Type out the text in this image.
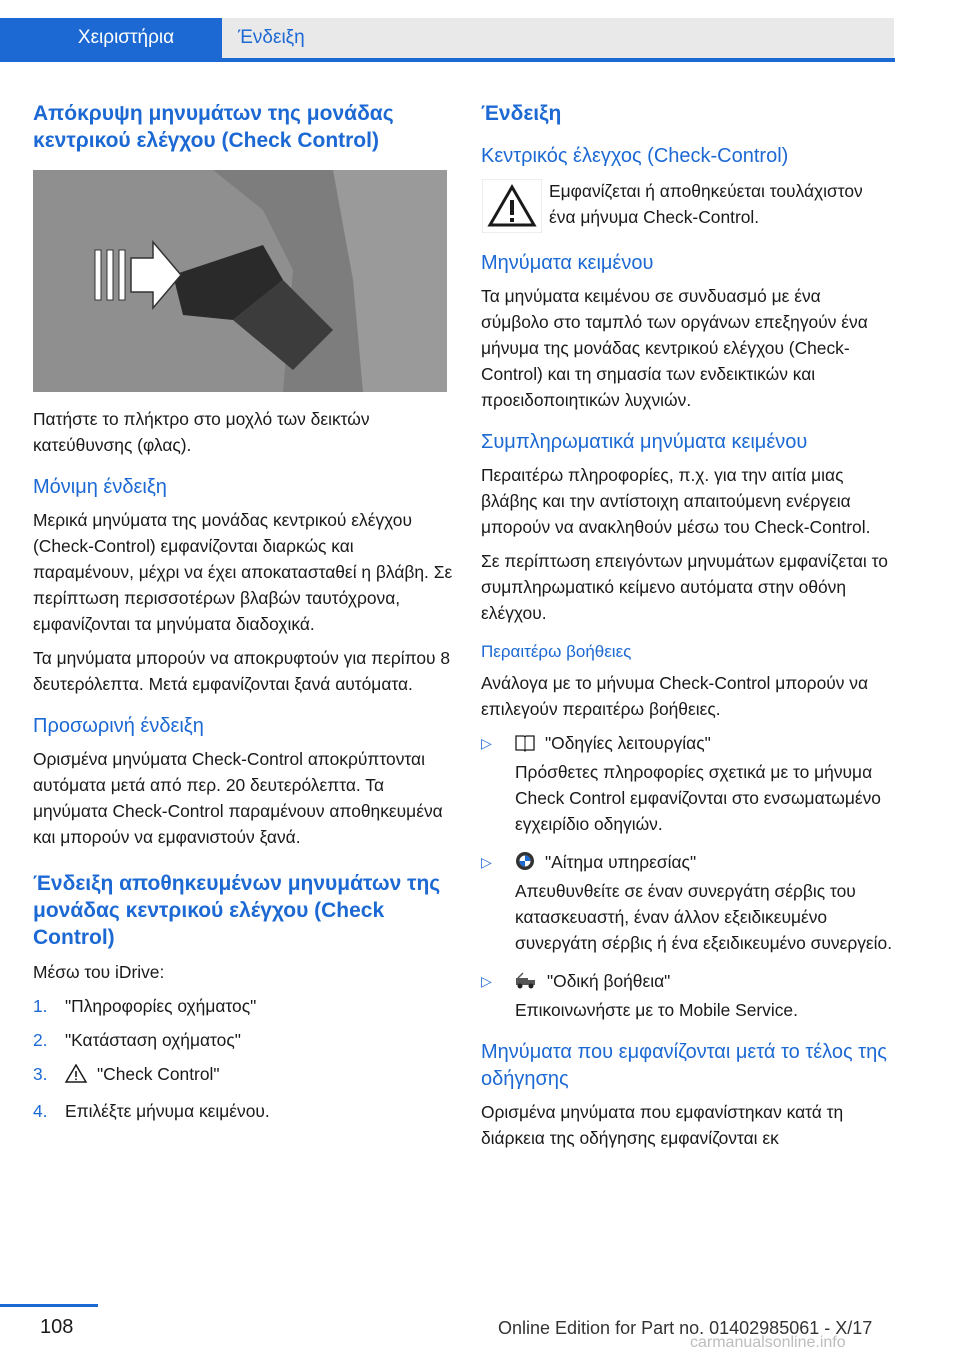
Χειριστήρια	Ένδειξη
Απόκρυψη μηνυμάτων της μονάδας κεντρικού ελέγχου (Check Control)
Πατήστε το πλήκτρο στο μοχλό των δεικτών κατεύθυνσης (φλας).
Μόνιμη ένδειξη
Μερικά μηνύματα της μονάδας κεντρικού ελέγχου (Check-Control) εμφανίζονται διαρκώς και παραμένουν, μέχρι να έχει αποκατασταθεί η βλάβη. Σε περίπτωση περισσοτέρων βλαβών ταυτόχρονα, εμφανίζονται τα μηνύματα διαδοχικά.
Τα μηνύματα μπορούν να αποκρυφτούν για περίπου 8 δευτερόλεπτα. Μετά εμφανίζονται ξανά αυτόματα.
Προσωρινή ένδειξη
Ορισμένα μηνύματα Check-Control αποκρύπτονται αυτόματα μετά από περ. 20 δευτερόλεπτα. Τα μηνύματα Check-Control παραμένουν αποθηκευμένα και μπορούν να εμφανιστούν ξανά.
Ένδειξη αποθηκευμένων μηνυμάτων της μονάδας κεντρικού ελέγχου (Check Control)
Μέσω του iDrive:
1. "Πληροφορίες οχήματος"
2. "Κατάσταση οχήματος"
3.	"Check Control"
4. Επιλέξτε μήνυμα κειμένου.
Ένδειξη
Κεντρικός έλεγχος (Check-Control)
Εμφανίζεται ή αποθηκεύεται τουλάχιστον ένα μήνυμα Check-Control.
Μηνύματα κειμένου
Τα μηνύματα κειμένου σε συνδυασμό με ένα σύμβολο στο ταμπλό των οργάνων επεξηγούν ένα μήνυμα της μονάδας κεντρικού ελέγχου (Check-Control) και τη σημασία των ενδεικτικών και προειδοποιητικών λυχνιών.
Συμπληρωματικά μηνύματα κειμένου
Περαιτέρω πληροφορίες, π.χ. για την αιτία μιας βλάβης και την αντίστοιχη απαιτούμενη ενέργεια μπορούν να ανακληθούν μέσω του Check-Control.
Σε περίπτωση επειγόντων μηνυμάτων εμφανίζεται το συμπληρωματικό κείμενο αυτόματα στην οθόνη ελέγχου.
Περαιτέρω βοήθειες
Ανάλογα με το μήνυμα Check-Control μπορούν να επιλεγούν περαιτέρω βοήθειες.
▷	"Οδηγίες λειτουργίας"
Πρόσθετες πληροφορίες σχετικά με το μήνυμα Check Control εμφανίζονται στο ενσωματωμένο εγχειρίδιο οδηγιών.
▷	"Αίτημα υπηρεσίας"
Απευθυνθείτε σε έναν συνεργάτη σέρβις του κατασκευαστή, έναν άλλον εξειδικευμένο συνεργάτη σέρβις ή ένα εξειδικευμένο συνεργείο.
▷	"Οδική βοήθεια"
Επικοινωνήστε με το Mobile Service.
Μηνύματα που εμφανίζονται μετά το τέλος της οδήγησης
Ορισμένα μηνύματα που εμφανίστηκαν κατά τη διάρκεια της οδήγησης εμφανίζονται εκ
108	Online Edition for Part no. 01402985061 - X/17
carmanualsonline.info
